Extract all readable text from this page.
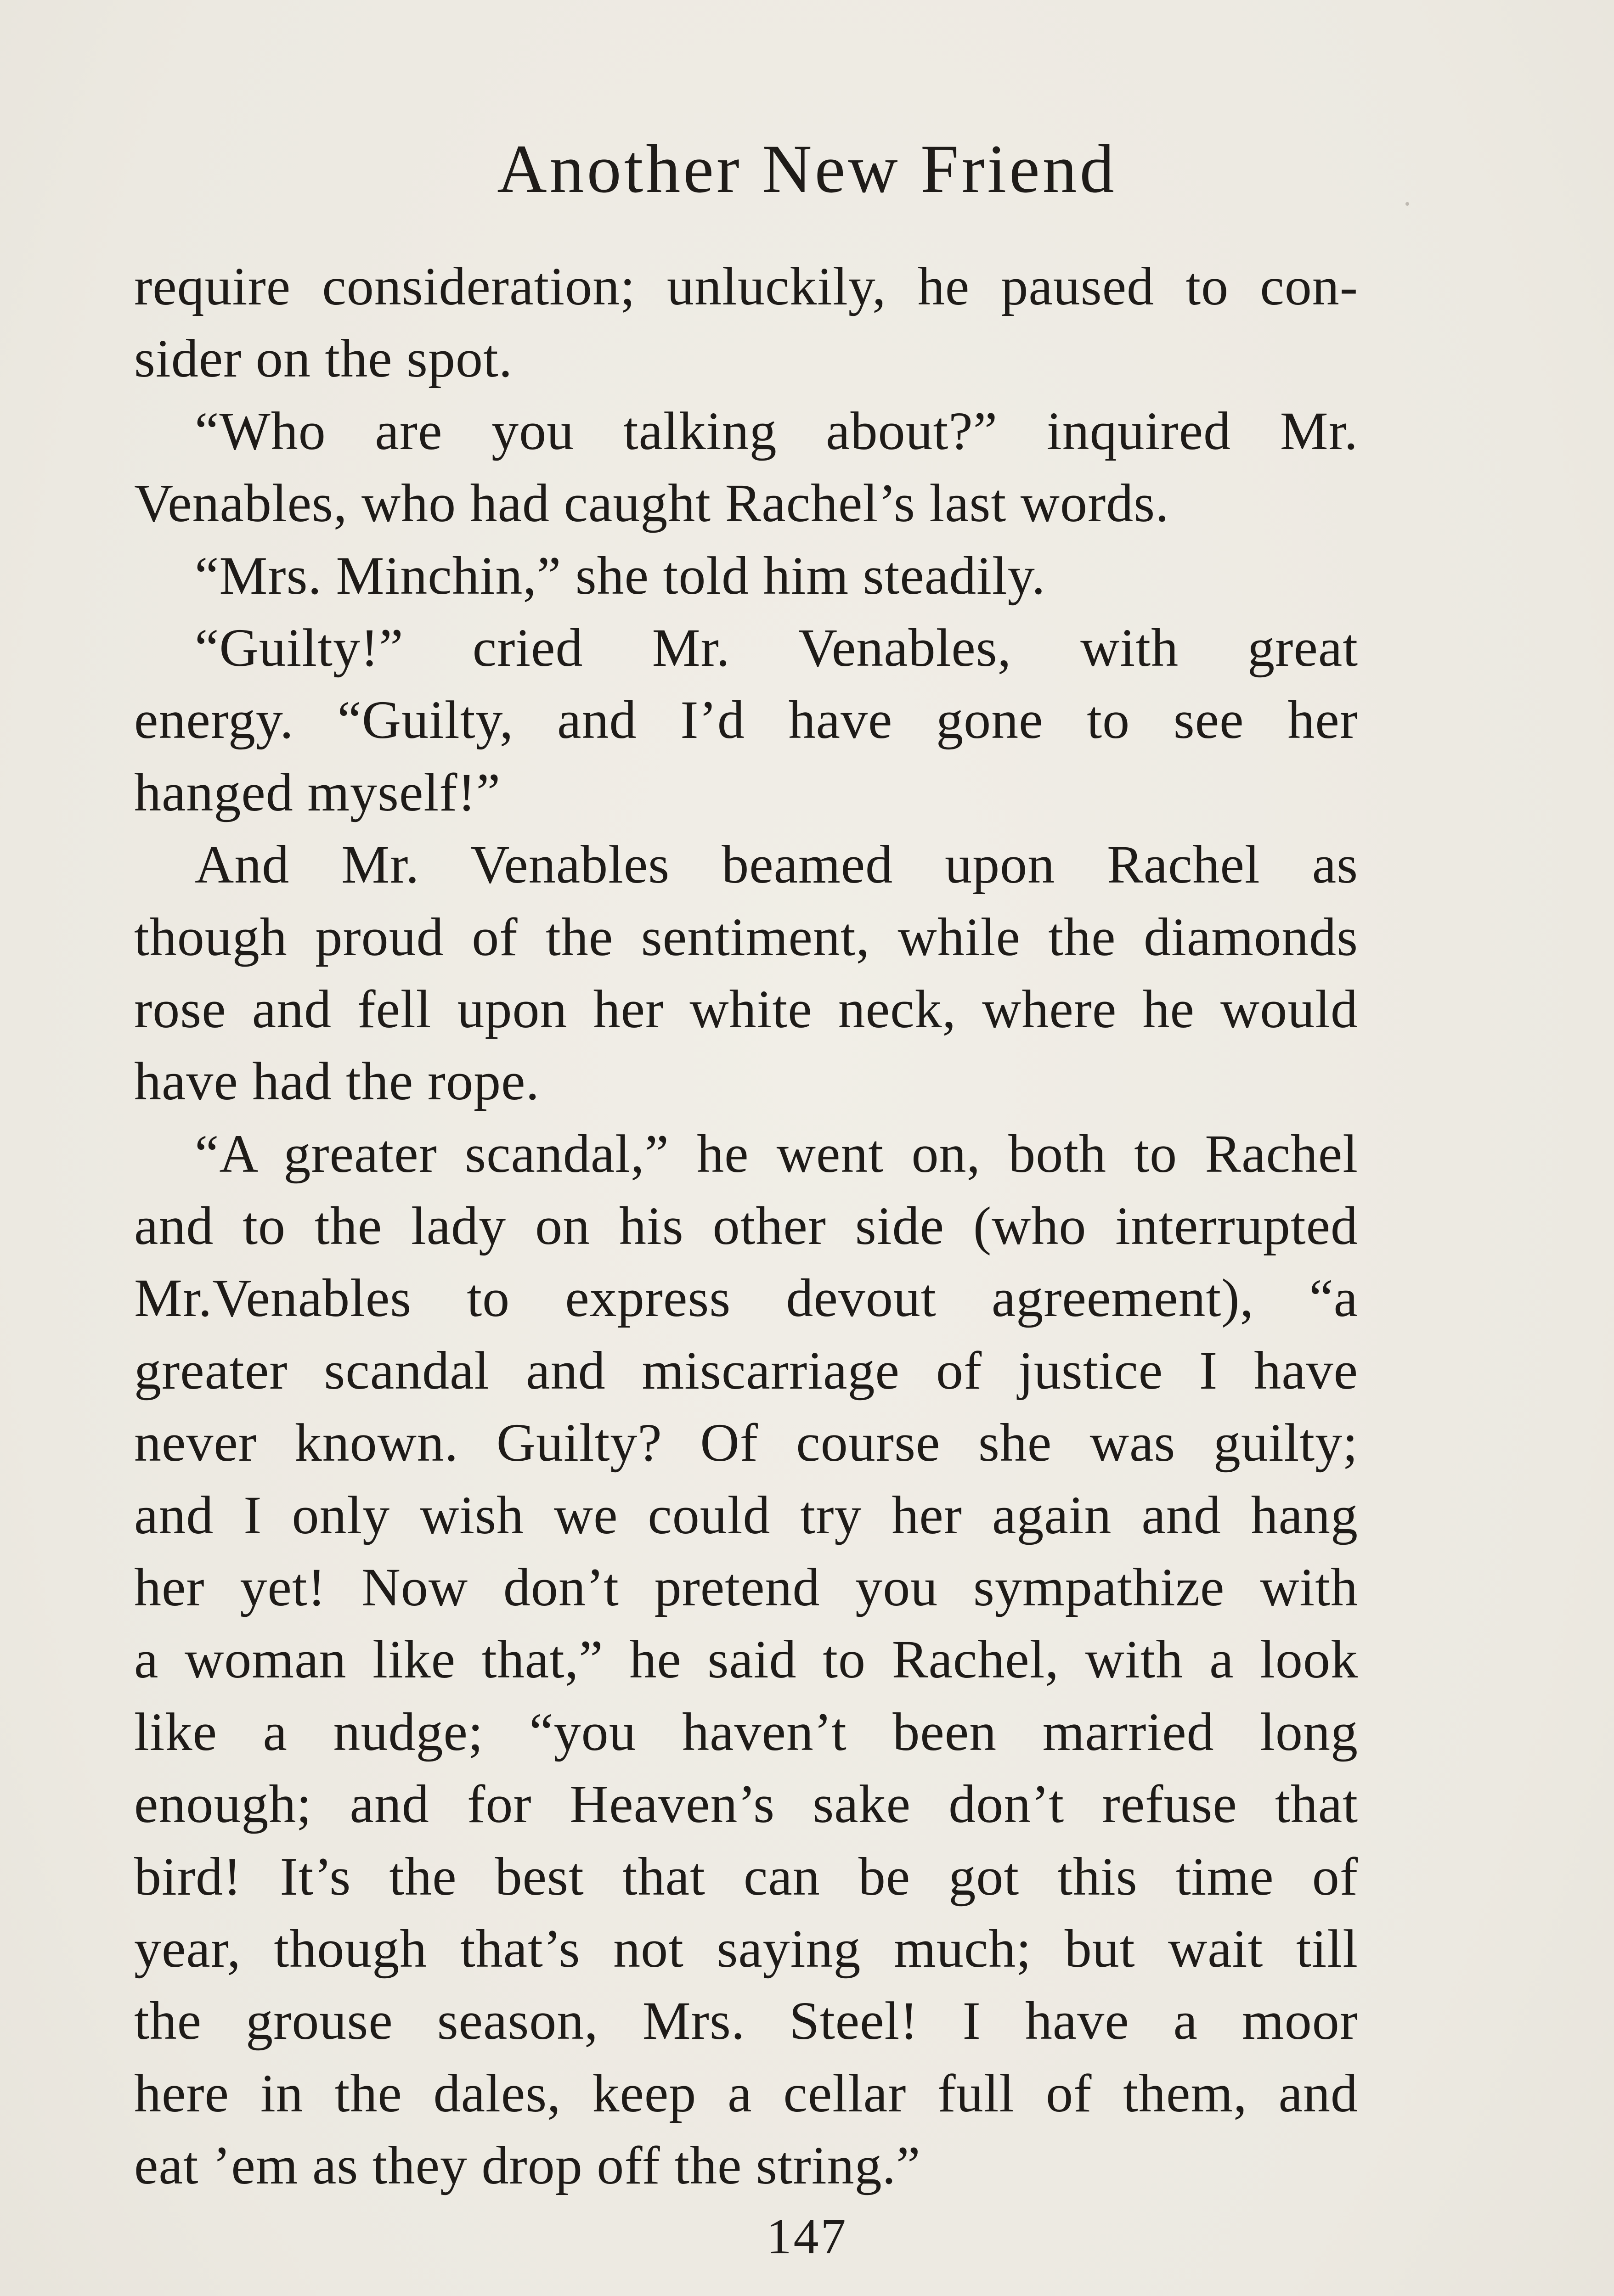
Another New Friend
require consideration; unluckily, he paused to con-
sider on the spot.
“Who are you talking about?” inquired Mr.
Venables, who had caught Rachel’s last words.
“Mrs. Minchin,” she told him steadily.
“Guilty!” cried Mr. Venables, with great
energy. “Guilty, and I’d have gone to see her
hanged myself!”
And Mr. Venables beamed upon Rachel as
though proud of the sentiment, while the diamonds
rose and fell upon her white neck, where he would
have had the rope.
“A greater scandal,” he went on, both to Rachel
and to the lady on his other side (who interrupted
Mr.Venables to express devout agreement), “a
greater scandal and miscarriage of justice I have
never known. Guilty? Of course she was guilty;
and I only wish we could try her again and hang
her yet! Now don’t pretend you sympathize with
a woman like that,” he said to Rachel, with a look
like a nudge; “you haven’t been married long
enough; and for Heaven’s sake don’t refuse that
bird! It’s the best that can be got this time of
year, though that’s not saying much; but wait till
the grouse season, Mrs. Steel! I have a moor
here in the dales, keep a cellar full of them, and
eat ’em as they drop off the string.”
147
